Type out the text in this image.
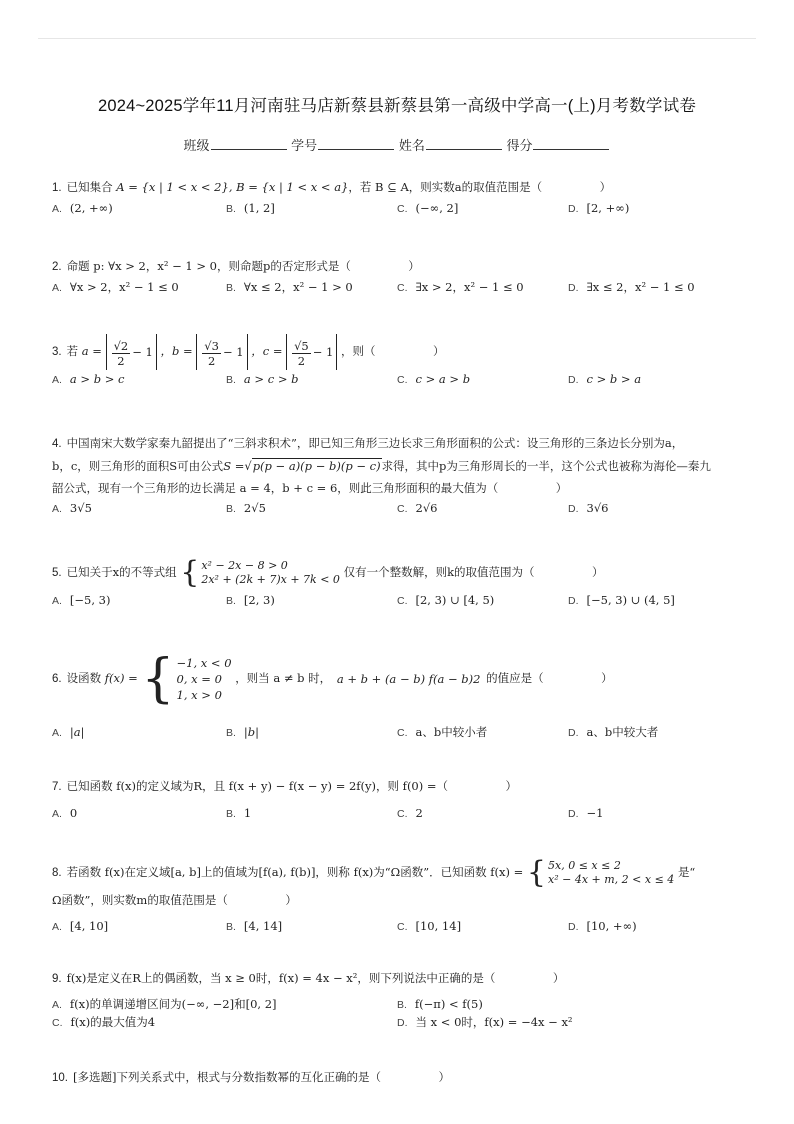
2024~2025学年11月河南驻马店新蔡县新蔡县第一高级中学高一(上)月考数学试卷
班级	学号	姓名	得分
1. 已知集合 A = {x | 1 < x < 2}, B = {x | 1 < x < a}，若 B ⊆ A，则实数a的取值范围是（　　　　　）
A. (2, +∞)	B. (1, 2]	C. (−∞, 2]	D. [2, +∞)
2. 命题 p: ∀x > 2，x² − 1 > 0，则命题p的否定形式是（　　　　　）
A. ∀x > 2，x² − 1 ≤ 0	B. ∀x ≤ 2，x² − 1 > 0	C. ∃x > 2，x² − 1 ≤ 0	D. ∃x ≤ 2，x² − 1 ≤ 0
3. 若 $a = \frac{√2}{2} - 1$ ，$b = \frac{√3}{2} - 1$ ，$c = \frac{√5}{2} - 1$ ，则（　　　　　）
A. a > b > c	B. a > c > b	C. c > a > b	D. c > b > a
4. 中国南宋大数学家秦九韶提出了“三斜求积术”，即已知三角形三边长求三角形面积的公式：设三角形的三条边长分别为a，
b，c，则三角形的面积S可由公式S =√p(p − a)(p − b)(p − c)求得，其中p为三角形周长的一半，这个公式也被称为海伦—秦九
韶公式，现有一个三角形的边长满足 a = 4，b + c = 6，则此三角形面积的最大值为（　　　　　）
A. 3√5	B. 2√5	C. 2√6	D. 3√6
5. 已知关于x的不等式组 { x² − 2x − 8 > 0
2x² + (2k + 7)x + 7k < 0
仅有一个整数解，则k的取值范围为（　　　　　）
A. [−5, 3)	B. [2, 3)	C. [2, 3) ∪ [4, 5)	D. [−5, 3) ∪ (4, 5]
6. 设函数 f(x) = { −1, x < 0
0, x = 0
1, x > 0
，则当 a ≠ b 时， a + b + (a − b) f(a − b)2 的值应是（　　　　　）
A. |a|	B. |b|	C. a、b中较小者	D. a、b中较大者
7. 已知函数 f(x)的定义域为R，且 f(x + y) − f(x − y) = 2f(y)，则 f(0) =（　　　　　）
A. 0	B. 1	C. 2	D. −1
8. 若函数 f(x)在定义域[a, b]上的值域为[f(a), f(b)]，则称 f(x)为“Ω函数”．已知函数 f(x) = { 5x, 0 ≤ x ≤ 2
x² − 4x + m, 2 < x ≤ 4
是“
Ω函数”，则实数m的取值范围是（　　　　　）
A. [4, 10]	B. [4, 14]	C. [10, 14]	D. [10, +∞)
9. f(x)是定义在R上的偶函数，当 x ≥ 0时，f(x) = 4x − x²，则下列说法中正确的是（　　　　　）
A. f(x)的单调递增区间为(−∞, −2]和[0, 2]	B. f(−π) < f(5)
C. f(x)的最大值为4	D. 当 x < 0时，f(x) = −4x − x²
10. [多选题]下列关系式中，根式与分数指数幂的互化正确的是（　　　　　）
